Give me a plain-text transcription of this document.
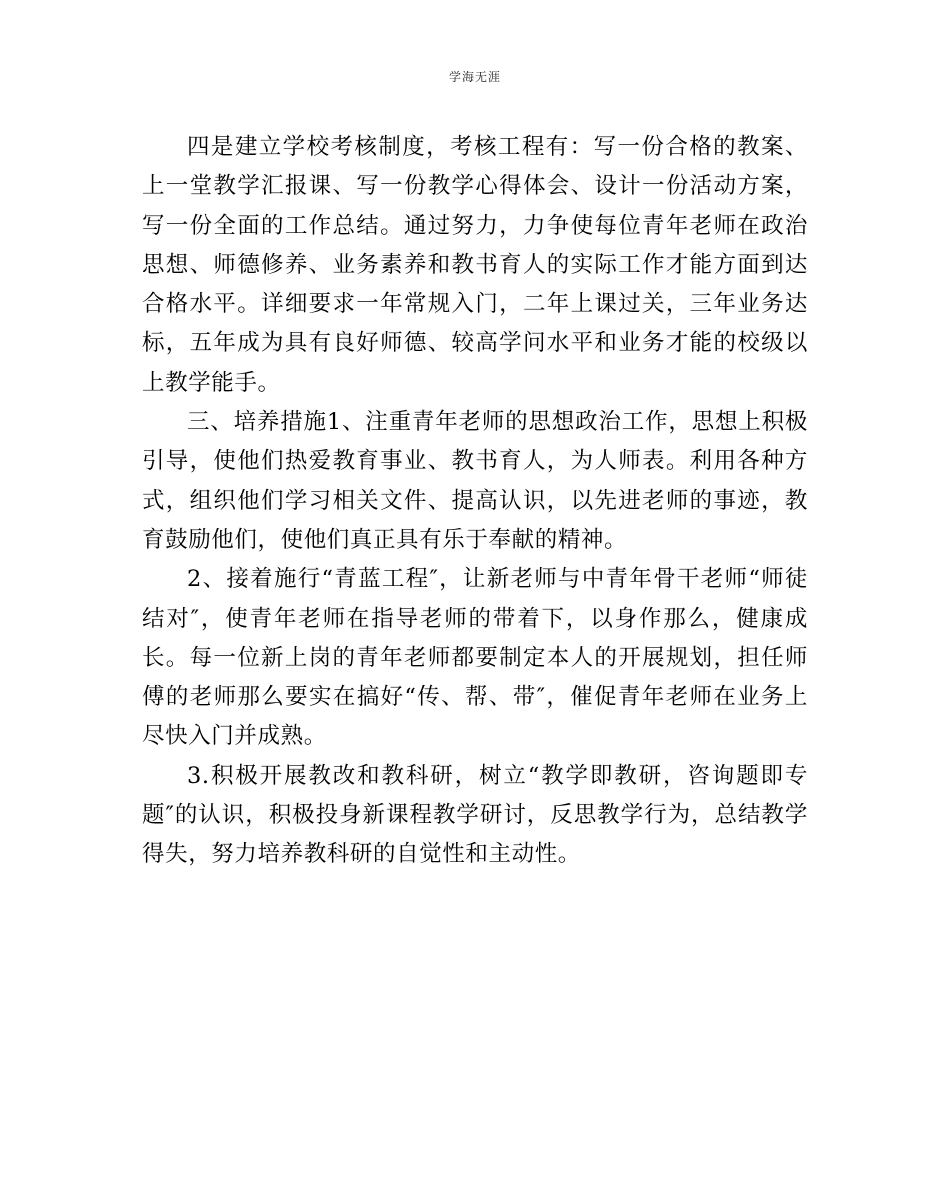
学海无涯

四是建立学校考核制度，考核工程有：写一份合格的教案、上一堂教学汇报课、写一份教学心得体会、设计一份活动方案，写一份全面的工作总结。通过努力，力争使每位青年老师在政治思想、师德修养、业务素养和教书育人的实际工作才能方面到达合格水平。详细要求一年常规入门，二年上课过关，三年业务达标，五年成为具有良好师德、较高学问水平和业务才能的校级以上教学能手。

三、培养措施1、注重青年老师的思想政治工作，思想上积极引导，使他们热爱教育事业、教书育人，为人师表。利用各种方式，组织他们学习相关文件、提高认识，以先进老师的事迹，教育鼓励他们，使他们真正具有乐于奉献的精神。

2、接着施行“青蓝工程″，让新老师与中青年骨干老师“师徒结对″，使青年老师在指导老师的带着下，以身作那么，健康成长。每一位新上岗的青年老师都要制定本人的开展规划，担任师傅的老师那么要实在搞好“传、帮、带″，催促青年老师在业务上尽快入门并成熟。

3.积极开展教改和教科研，树立“教学即教研，咨询题即专题″的认识，积极投身新课程教学研讨，反思教学行为，总结教学得失，努力培养教科研的自觉性和主动性。
